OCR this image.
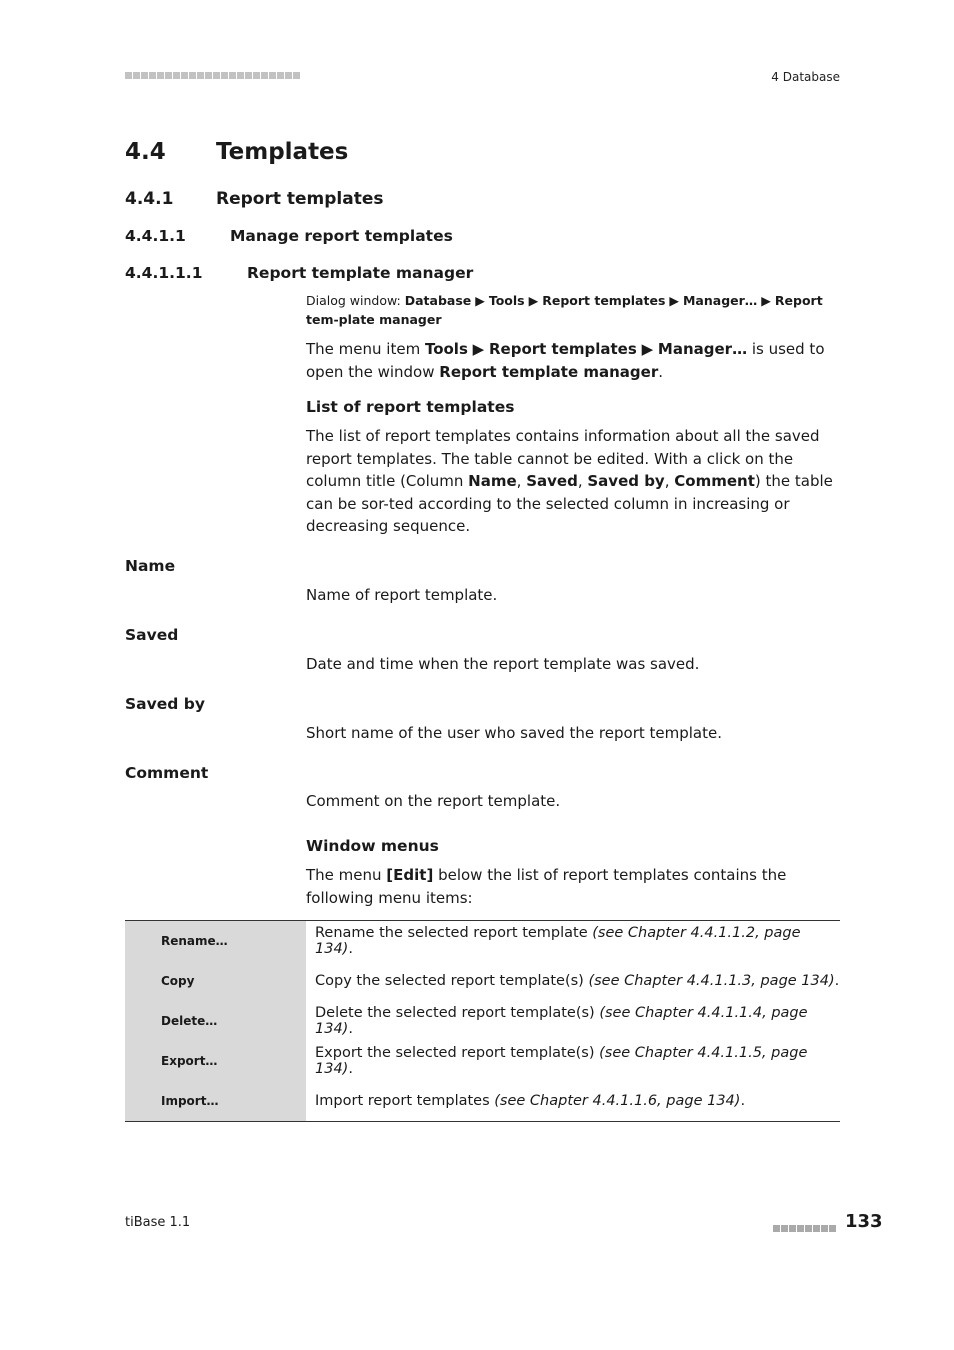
4 Database
4.4 Templates
4.4.1	Report templates
4.4.1.1	Manage report templates
4.4.1.1.1	Report template manager
Dialog window: Database ▶ Tools ▶ Report templates ▶ Manager… ▶ Report tem-plate manager
The menu item Tools ▶ Report templates ▶ Manager… is used to open the window Report template manager.
List of report templates
The list of report templates contains information about all the saved report templates. The table cannot be edited. With a click on the column title (Column Name, Saved, Saved by, Comment) the table can be sor-ted according to the selected column in increasing or decreasing sequence.
Name
Name of report template.
Saved
Date and time when the report template was saved.
Saved by
Short name of the user who saved the report template.
Comment
Comment on the report template.
Window menus
The menu [Edit] below the list of report templates contains the following menu items:
Rename…	Rename the selected report template (see Chapter 4.4.1.1.2, page 134).
Copy	Copy the selected report template(s) (see Chapter 4.4.1.1.3, page 134).
Delete…	Delete the selected report template(s) (see Chapter 4.4.1.1.4, page 134).
Export…	Export the selected report template(s) (see Chapter 4.4.1.1.5, page 134).
Import…	Import report templates (see Chapter 4.4.1.1.6, page 134).
tiBase 1.1	133
